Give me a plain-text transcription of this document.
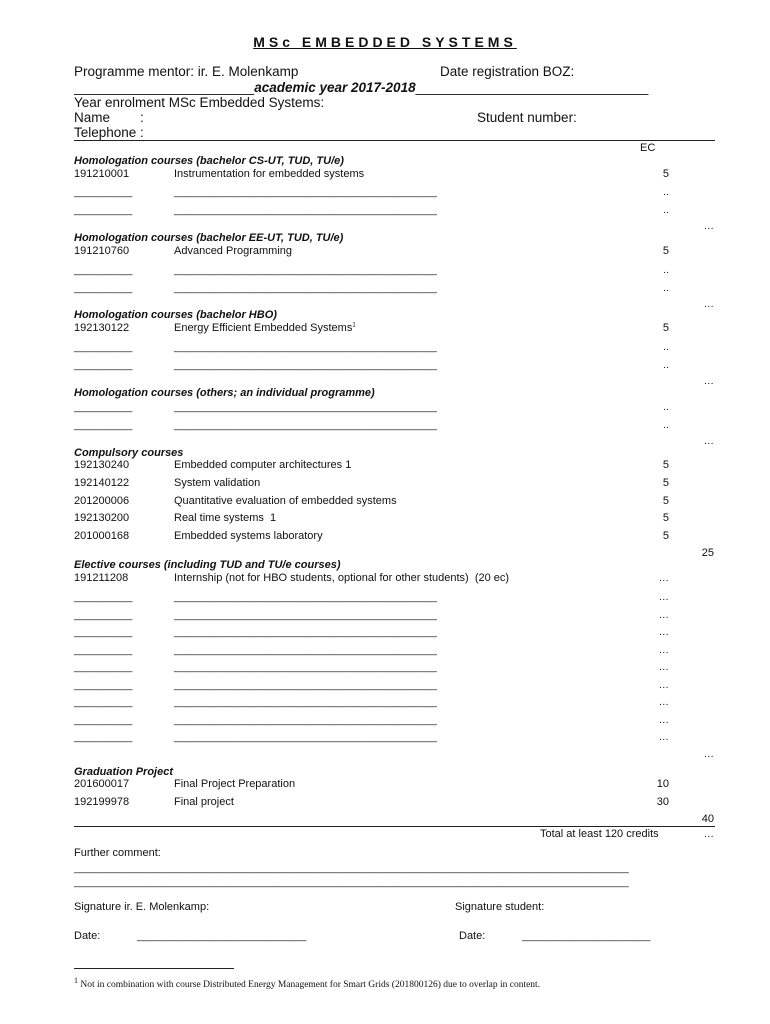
MSc EMBEDDED SYSTEMS
Programme mentor: ir. E. Molenkamp	Date registration BOZ:
________________________academic year 2017-2018_______________________________
Year enrolment MSc Embedded Systems:
Name        :	Student number:
Telephone :
EC
Homologation courses (bachelor CS-UT, TUD, TU/e)
191210001	Instrumentation for embedded systems	5
__________	_____________________________________________	..
__________	_____________________________________________	..
…
Homologation courses (bachelor EE-UT, TUD, TU/e)
191210760	Advanced Programming	5
__________	_____________________________________________	..
__________	_____________________________________________	..
…
Homologation courses (bachelor HBO)
192130122	Energy Efficient Embedded Systems$^1$	5
__________	_____________________________________________	..
__________	_____________________________________________	..
…
Homologation courses (others; an individual programme)
__________	_____________________________________________	..
__________	_____________________________________________	..
…
Compulsory courses
192130240	Embedded computer architectures 1	5
192140122	System validation	5
201200006	Quantitative evaluation of embedded systems	5
192130200	Real time systems  1	5
201000168	Embedded systems laboratory	5
25
Elective courses (including TUD and TU/e courses)
191211208	Internship (not for HBO students, optional for other students)  (20 ec)	…
__________	_____________________________________________	…
__________	_____________________________________________	…
__________	_____________________________________________	…
__________	_____________________________________________	…
__________	_____________________________________________	…
__________	_____________________________________________	…
__________	_____________________________________________	…
__________	_____________________________________________	…
__________	_____________________________________________	…
…
Graduation Project
201600017	Final Project Preparation	10
192199978	Final project	30
40
Total at least 120 credits	…
Further comment:
_______________________________________________________________________________________________
_______________________________________________________________________________________________
Signature ir. E. Molenkamp:	Signature student:
Date:	_____________________________	Date:	______________________
$^1$ Not in combination with course Distributed Energy Management for Smart Grids (201800126) due to overlap in content.
